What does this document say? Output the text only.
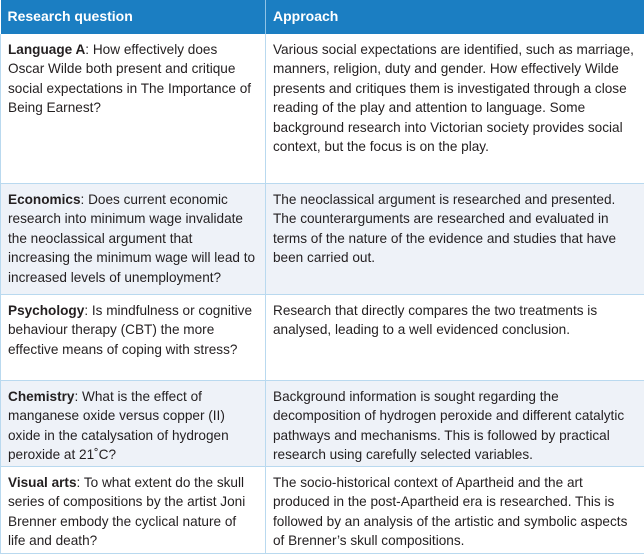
Research question	Approach
Language A: How effectively does Oscar Wilde both present and critique social expectations in The Importance of Being Earnest?	Various social expectations are identified, such as marriage, manners, religion, duty and gender. How effectively Wilde presents and critiques them is investigated through a close reading of the play and attention to language. Some background research into Victorian society provides social context, but the focus is on the play.
Economics: Does current economic research into minimum wage invalidate the neoclassical argument that increasing the minimum wage will lead to increased levels of unemployment?	The neoclassical argument is researched and presented. The counterarguments are researched and evaluated in terms of the nature of the evidence and studies that have been carried out.
Psychology: Is mindfulness or cognitive behaviour therapy (CBT) the more effective means of coping with stress?	Research that directly compares the two treatments is analysed, leading to a well evidenced conclusion.
Chemistry: What is the effect of manganese oxide versus copper (II) oxide in the catalysation of hydrogen peroxide at 21˚C?	Background information is sought regarding the decomposition of hydrogen peroxide and different catalytic pathways and mechanisms. This is followed by practical research using carefully selected variables.
Visual arts: To what extent do the skull series of compositions by the artist Joni Brenner embody the cyclical nature of life and death?	The socio-historical context of Apartheid and the art produced in the post-Apartheid era is researched. This is followed by an analysis of the artistic and symbolic aspects of Brenner’s skull compositions.
